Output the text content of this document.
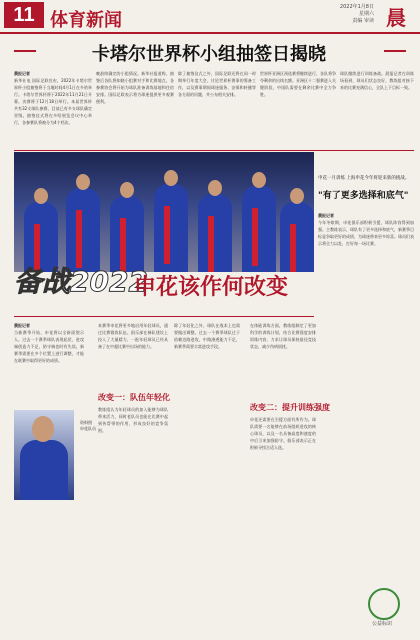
11 体育新闻
2022年1月8日
星期六
责编 审读 晨
卡塔尔世界杯小组抽签日揭晓
晨报记者
新华社电 国际足联宣布，2022年卡塔尔世界杯小组抽签将于当地时间4月1日在多哈举行。卡塔尔世界杯将于2022年11月21日开幕，决赛将于12月18日举行。本届世界杯共有32支球队参赛，目前已有多支球队确定晋级。抽签仪式将在多哈展览会议中心举行，各参赛队将被分为4个档次。
晚最终确定的小组情况。新华社报道称，抽签后各队将知晓小组赛对手和比赛地点，各参赛协会将开始为球队准备训练基地和住宿安排。国际足联表示将为球迷提供更多观赛便利。
除了抽签仪式之外，国际足联还将在同一时期举行年度大会，讨论世界杯赛事的筹备工作，以及赛事期间球迷服务、安保和转播等各方面的问题，并公布相关安排。
世界杯亚洲区预选赛将继续进行，各队将争夺剩余的出线名额。亚洲区十二强赛进入关键阶段，中国队需要在剩余比赛中全力争胜。
球队继续进行训练备战。晨报记者在训练场看到，球员们状态良好，教练组对接下来的比赛充满信心，全队上下目标一致。
备战2022
申花该作何改变
申花一月训练 上海申花今年将迎来新的挑战。
"有了更多选择和底气"
晨报记者
今年冬歇期，申花俱乐部积极引援，球队阵容得到加强。主教练表示，球队有了更多选择和底气，新赛季目标是争取更好的成绩，为球迷带来更多惊喜。球员们表示将全力以赴，打好每一场比赛。
晨报记者
当新赛季开始，申花将以全新面貌示人。过去一个赛季球队表现起伏，进攻端创造力不足，防守端也时有失误。新赛季需要在多个位置上进行调整，才能在联赛中取得更好的成绩。
资料图 申花队员
改变一：队伍年轻化
本赛季申花将更多地启用年轻球员，通过比赛锻炼队伍。俱乐部在梯队建设上投入了大量精力，一批年轻球员已经具备了在中超比赛中出场的能力。
教练组认为年轻球员的加入能够为球队带来活力，同时老队员也能在比赛中起到传帮带的作用，形成良好的竞争氛围。
除了年轻化之外，球队在战术上也需要做出调整。过去一个赛季球队过于依赖边路进攻，中路渗透能力不足，新赛季需要丰富进攻手段。
改变二：提升训练强度
在体能训练方面，教练组制定了更加科学的训练计划，结合比赛强度安排训练内容，力求让球员保持最佳竞技状态，减少伤病困扰。
申花还需要在引援方面有所作为。球队需要一名能够在前场组织进攻的核心球员，以及一名具备高度和速度的中后卫来加强防守。俱乐部表示正在积极寻找合适人选。
公益标识
